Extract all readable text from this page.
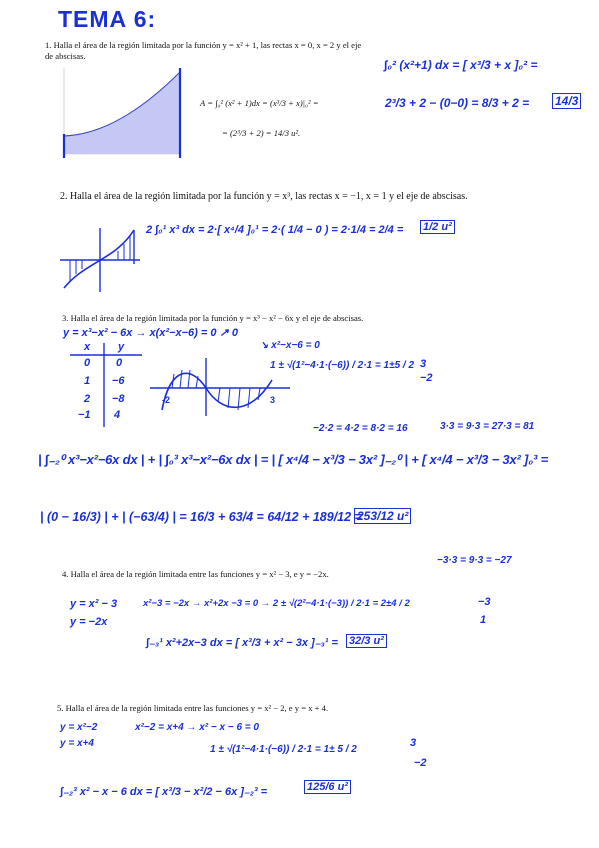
TEMA 6:
1. Halla el área de la región limitada por la función y = x² + 1, las rectas x = 0, x = 2 y el eje de abscisas.
A = ∫₀² (x² + 1)dx = (x³/3 + x)|₀² =
= (2³/3 + 2) = 14/3 u².
∫₀² (x²+1) dx = [ x³/3 + x ]₀² =
2³/3 + 2 − (0−0) = 8/3 + 2 = 14/3
2. Halla el área de la región limitada por la función y = x³, las rectas x = −1, x = 1 y el eje de abscisas.
2 ∫₀¹ x³ dx = 2·[ x⁴/4 ]₀¹ = 2·( 1/4 − 0 ) = 2·1/4 = 2/4 = 1/2 u²
3. Halla el área de la región limitada por la función y = x³ − x² − 6x y el eje de abscisas.
y = x³−x² − 6x → x(x²−x−6) = 0 ↗ 0
↘ x²−x−6 = 0
1 ± √(1²−4·1·(−6)) / 2·1 = 1±5 / 2 3
−2
x	y
0 0
1 −6
2 −8
−1 4
-2	3
−2·2 = 4·2 = 8·2 = 16	3·3 = 9·3 = 27·3 = 81
| ∫₋₂⁰ x³−x²−6x dx | + | ∫₀³ x³−x²−6x dx | = | [ x⁴/4 − x³/3 − 3x² ]₋₂⁰ | + [ x⁴/4 − x³/3 − 3x² ]₀³ =
| (0 − 16/3) | + | (−63/4) | = 16/3 + 63/4 = 64/12 + 189/12 =
253/12 u²
−3·3 = 9·3 = −27
4. Halla el área de la región limitada entre las funciones y = x² − 3, e y = −2x.
y = x² − 3
y = −2x
x²−3 = −2x → x²+2x −3 = 0 → 2 ± √(2²−4·1·(−3)) / 2·1 = 2±4 / 2	−3
1
∫₋₃¹ x²+2x−3 dx = [ x³/3 + x² − 3x ]₋₃¹ = 32/3 u²
5. Halla el área de la región limitada entre las funciones y = x² − 2, e y = x + 4.
y = x²−2
y = x+4
x²−2 = x+4 → x² − x − 6 = 0
1 ± √(1²−4·1·(−6)) / 2·1 = 1± 5 / 2
3
−2
∫₋₂³ x² − x − 6 dx = [ x³/3 − x²/2 − 6x ]₋₂³ =	125/6 u²
